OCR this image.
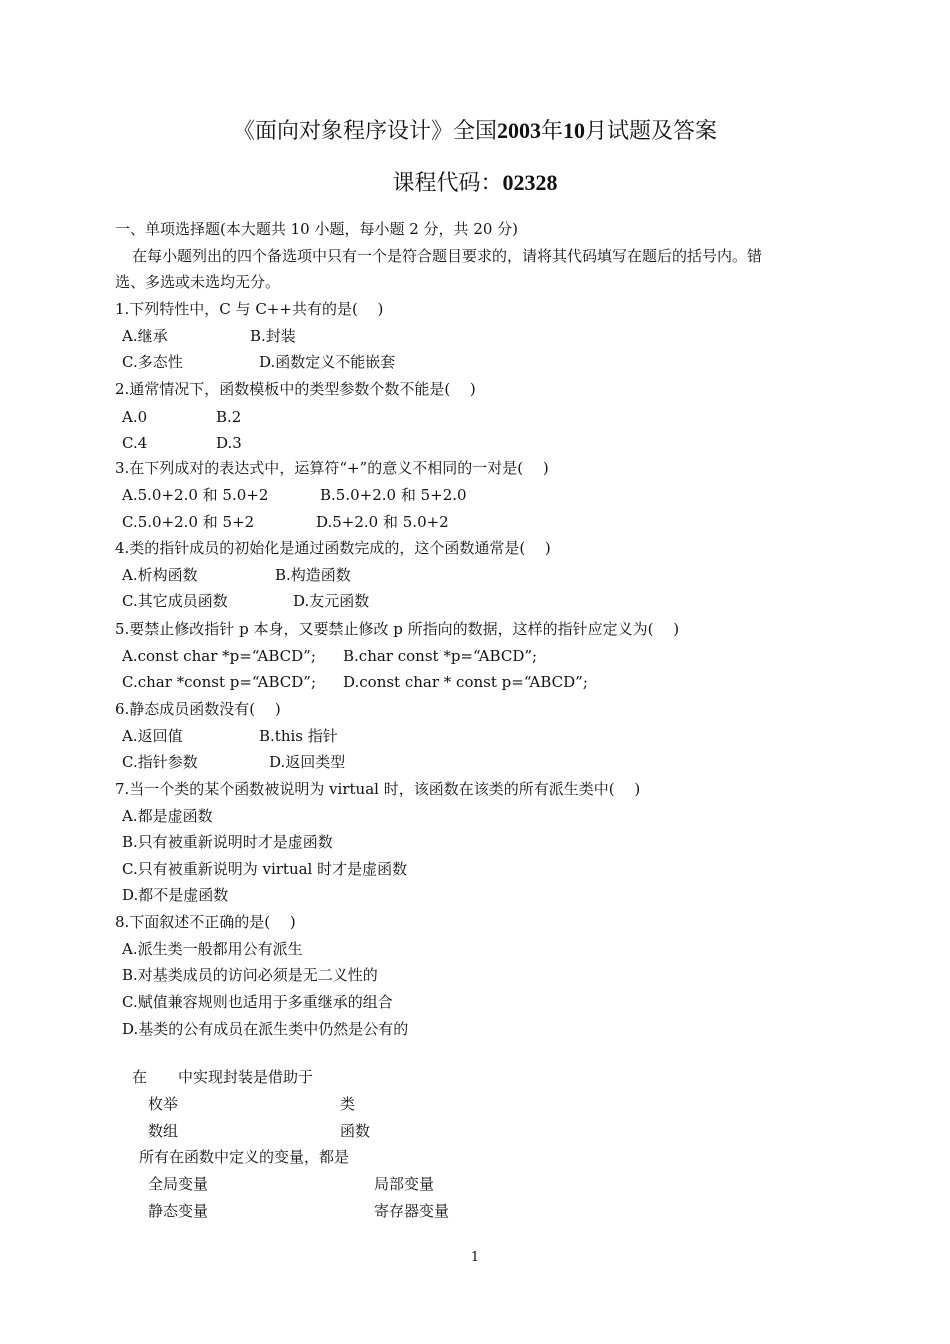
《面向对象程序设计》全国2003年10月试题及答案
课程代码：02328
一、单项选择题(本大题共 10 小题，每小题 2 分，共 20 分)
在每小题列出的四个备选项中只有一个是符合题目要求的，请将其代码填写在题后的括号内。错
选、多选或未选均无分。
1.下列特性中，C 与 C++共有的是(　 )
A.继承	B.封装
C.多态性	D.函数定义不能嵌套
2.通常情况下，函数模板中的类型参数个数不能是(　 )
A.0	B.2
C.4	D.3
3.在下列成对的表达式中，运算符“+”的意义不相同的一对是(　 )
A.5.0+2.0 和 5.0+2	B.5.0+2.0 和 5+2.0
C.5.0+2.0 和 5+2	D.5+2.0 和 5.0+2
4.类的指针成员的初始化是通过函数完成的，这个函数通常是(　 )
A.析构函数	B.构造函数
C.其它成员函数	D.友元函数
5.要禁止修改指针 p 本身，又要禁止修改 p 所指向的数据，这样的指针应定义为(　 )
A.const char *p=“ABCD”; B.char const *p=“ABCD”;
C.char *const p=“ABCD”; D.const char * const p=“ABCD”;
6.静态成员函数没有(　 )
A.返回值	B.this 指针
C.指针参数	D.返回类型
7.当一个类的某个函数被说明为 virtual 时，该函数在该类的所有派生类中(　 )
A.都是虚函数
B.只有被重新说明时才是虚函数
C.只有被重新说明为 virtual 时才是虚函数
D.都不是虚函数
8.下面叙述不正确的是(　 )
A.派生类一般都用公有派生
B.对基类成员的访问必须是无二义性的
C.赋值兼容规则也适用于多重继承的组合
D.基类的公有成员在派生类中仍然是公有的
在 中实现封装是借助于
枚举	类
数组	函数
所有在函数中定义的变量，都是
全局变量	局部变量
静态变量	寄存器变量
1
